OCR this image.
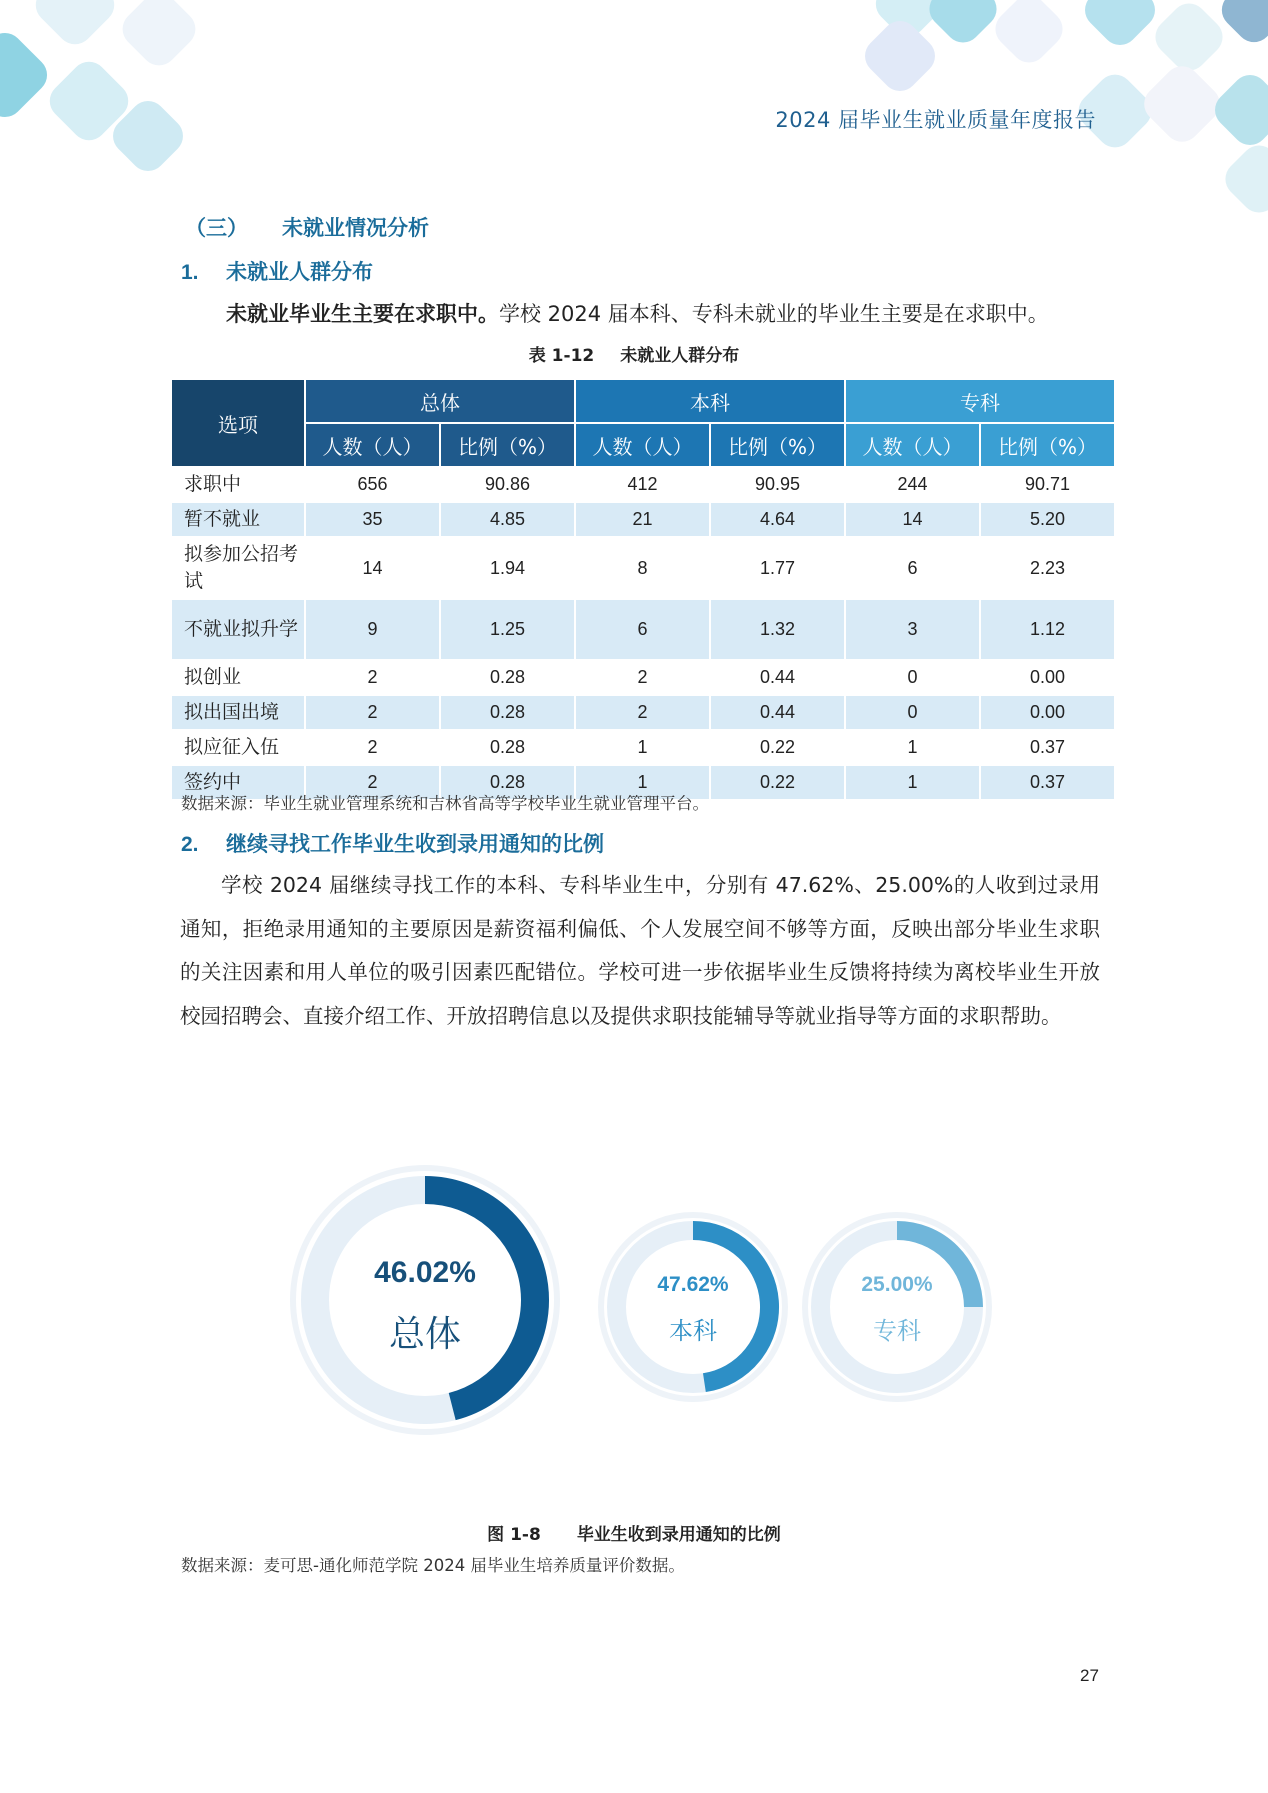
2024 届毕业生就业质量年度报告
（三） 未就业情况分析
1. 未就业人群分布
未就业毕业生主要在求职中。学校 2024 届本科、专科未就业的毕业生主要是在求职中。
表 1-12 未就业人群分布
选项	总体		本科		专科	
	人数（人）	比例（%）	人数（人）	比例（%）	人数（人）	比例（%）
求职中	656	90.86	412	90.95	244	90.71
暂不就业	35	4.85	21	4.64	14	5.20
拟参加公招考试	14	1.94	8	1.77	6	2.23
不就业拟升学	9	1.25	6	1.32	3	1.12
拟创业	2	0.28	2	0.44	0	0.00
拟出国出境	2	0.28	2	0.44	0	0.00
拟应征入伍	2	0.28	1	0.22	1	0.37
签约中	2	0.28	1	0.22	1	0.37
数据来源：毕业生就业管理系统和吉林省高等学校毕业生就业管理平台。
2. 继续寻找工作毕业生收到录用通知的比例
学校 2024 届继续寻找工作的本科、专科毕业生中，分别有 47.62%、25.00%的人收到过录用通知，拒绝录用通知的主要原因是薪资福利偏低、个人发展空间不够等方面，反映出部分毕业生求职的关注因素和用人单位的吸引因素匹配错位。学校可进一步依据毕业生反馈将持续为离校毕业生开放校园招聘会、直接介绍工作、开放招聘信息以及提供求职技能辅导等就业指导等方面的求职帮助。
46.02%
总体
47.62%
本科
25.00%
专科
图 1-8 毕业生收到录用通知的比例
数据来源：麦可思-通化师范学院 2024 届毕业生培养质量评价数据。
27
